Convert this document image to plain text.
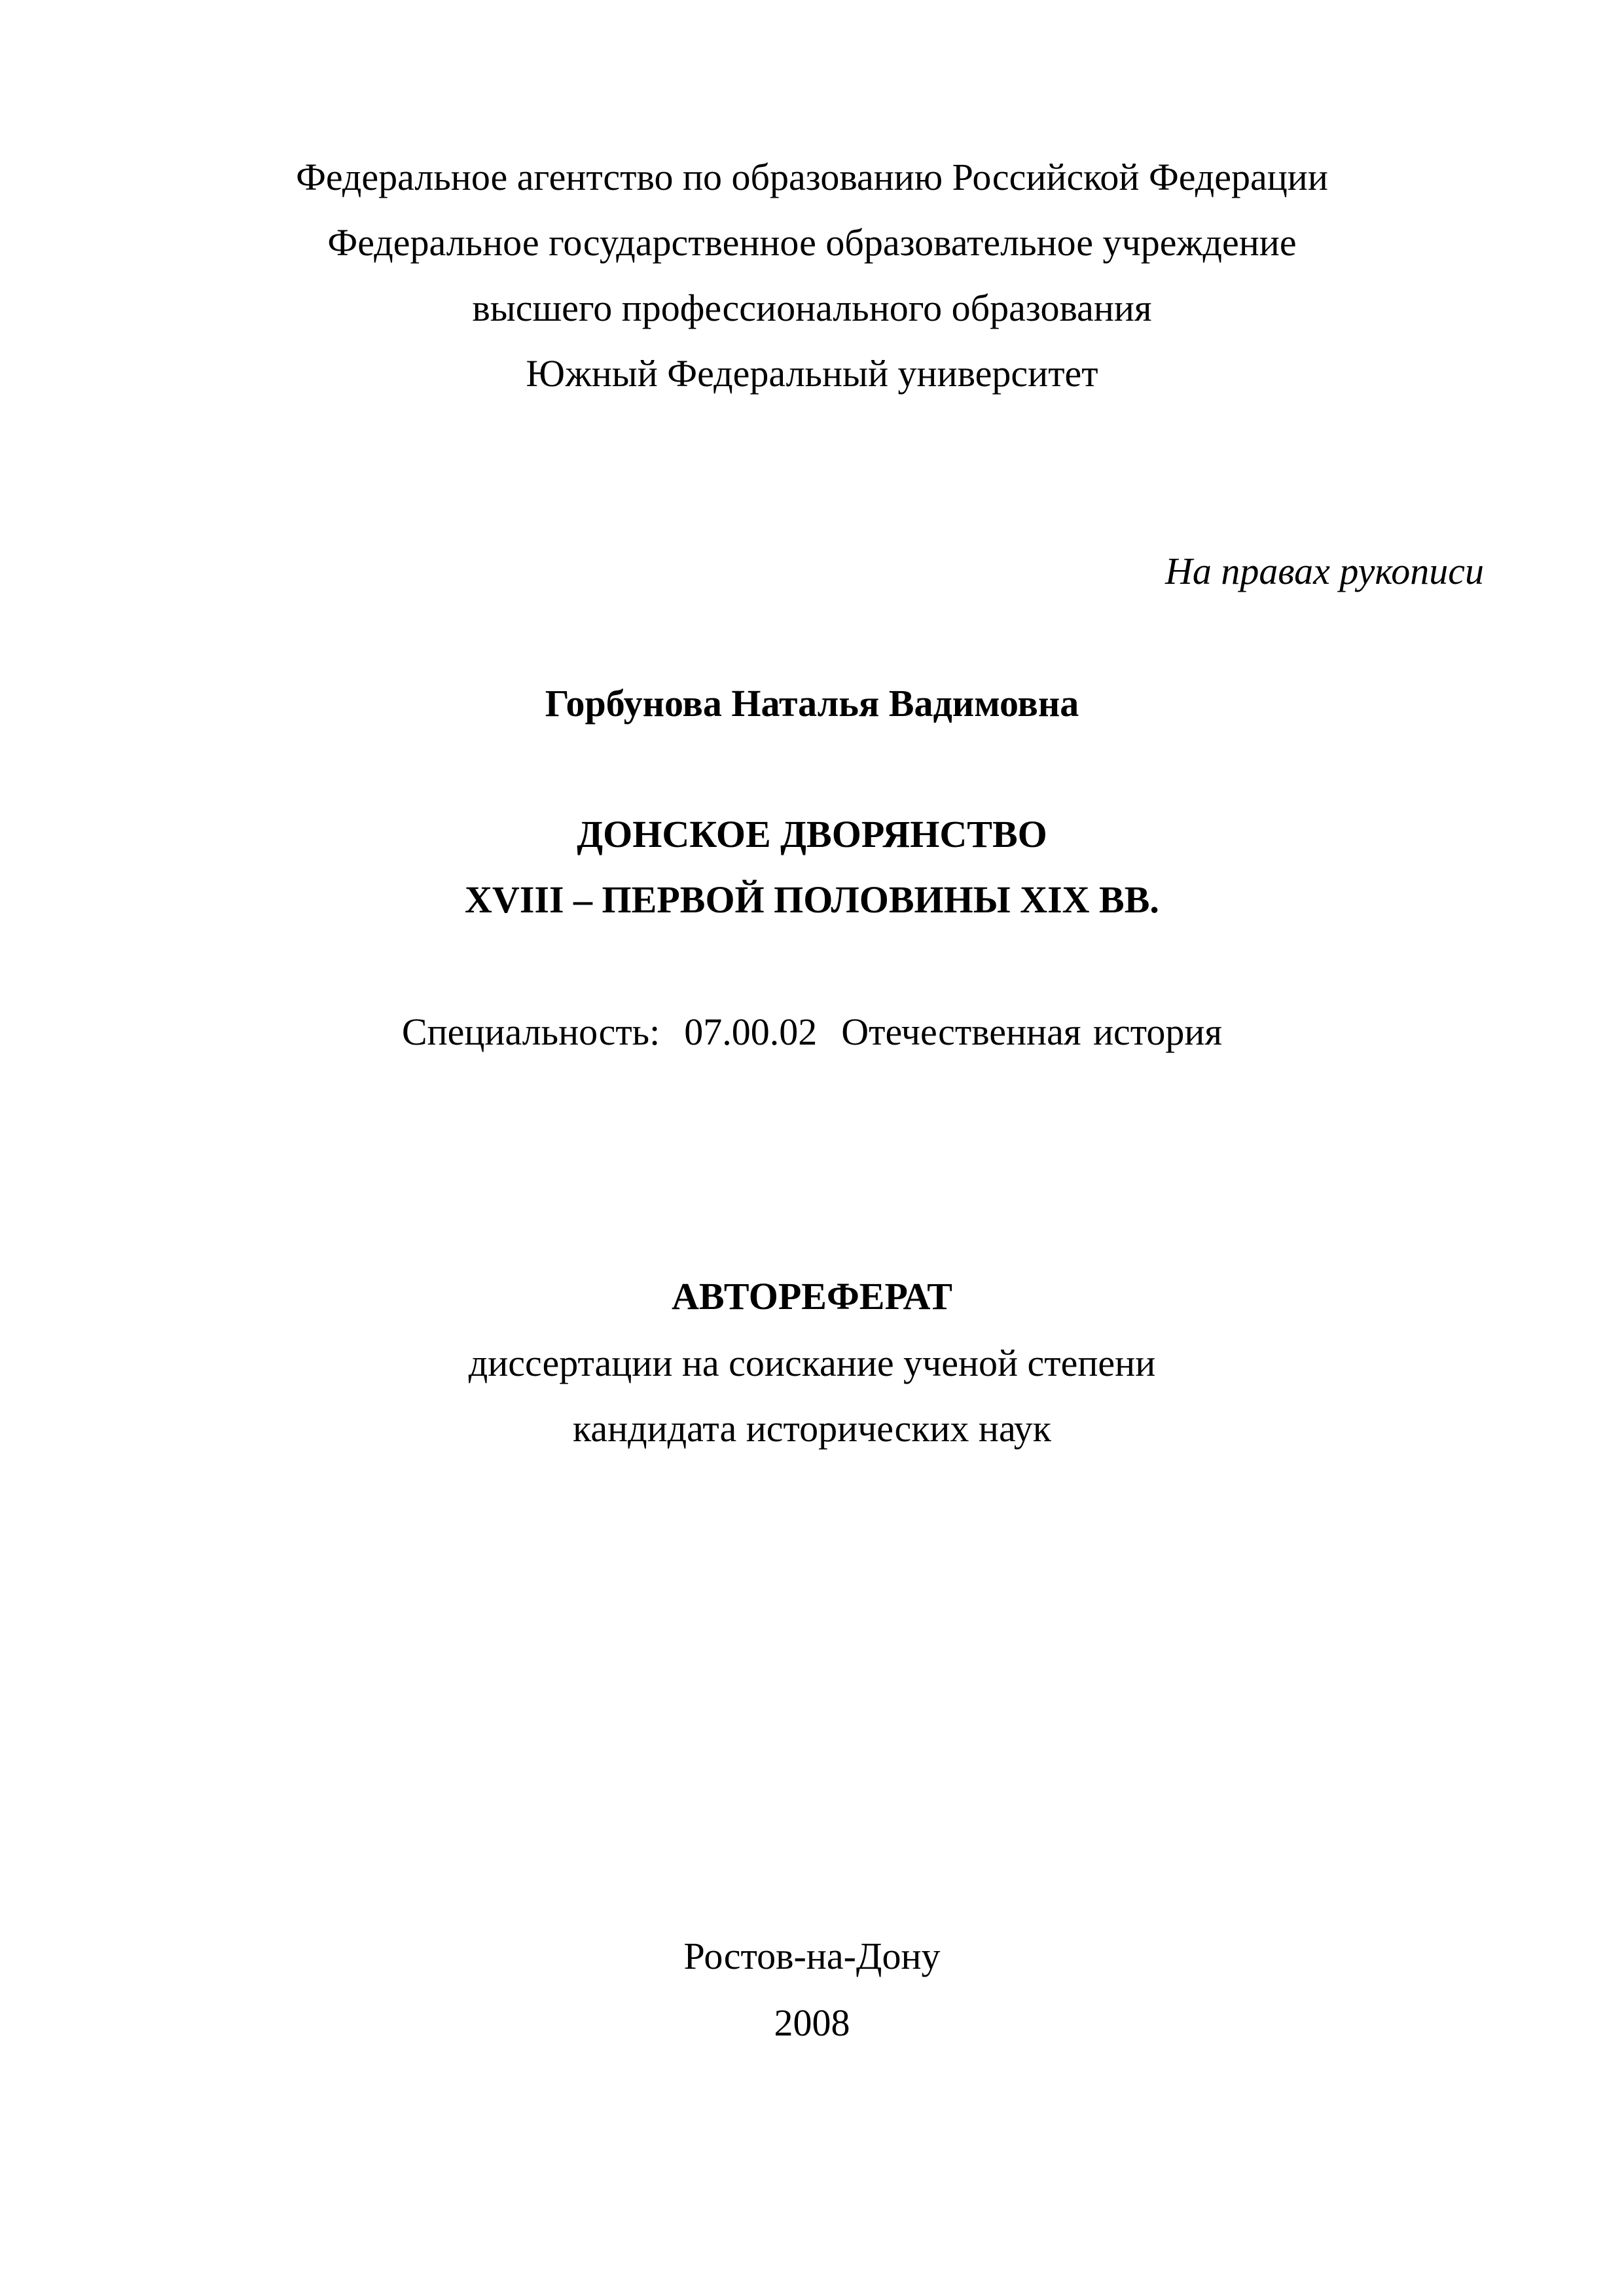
Федеральное агентство по образованию Российской Федерации
Федеральное государственное образовательное учреждение
высшего профессионального образования
Южный Федеральный университет
На правах рукописи
Горбунова Наталья Вадимовна
ДОНСКОЕ ДВОРЯНСТВО
XVIII – ПЕРВОЙ ПОЛОВИНЫ XIX ВВ.
Специальность:  07.00.02  Отечественная история
АВТОРЕФЕРАТ
диссертации на соискание ученой степени
кандидата исторических наук
Ростов-на-Дону
2008
